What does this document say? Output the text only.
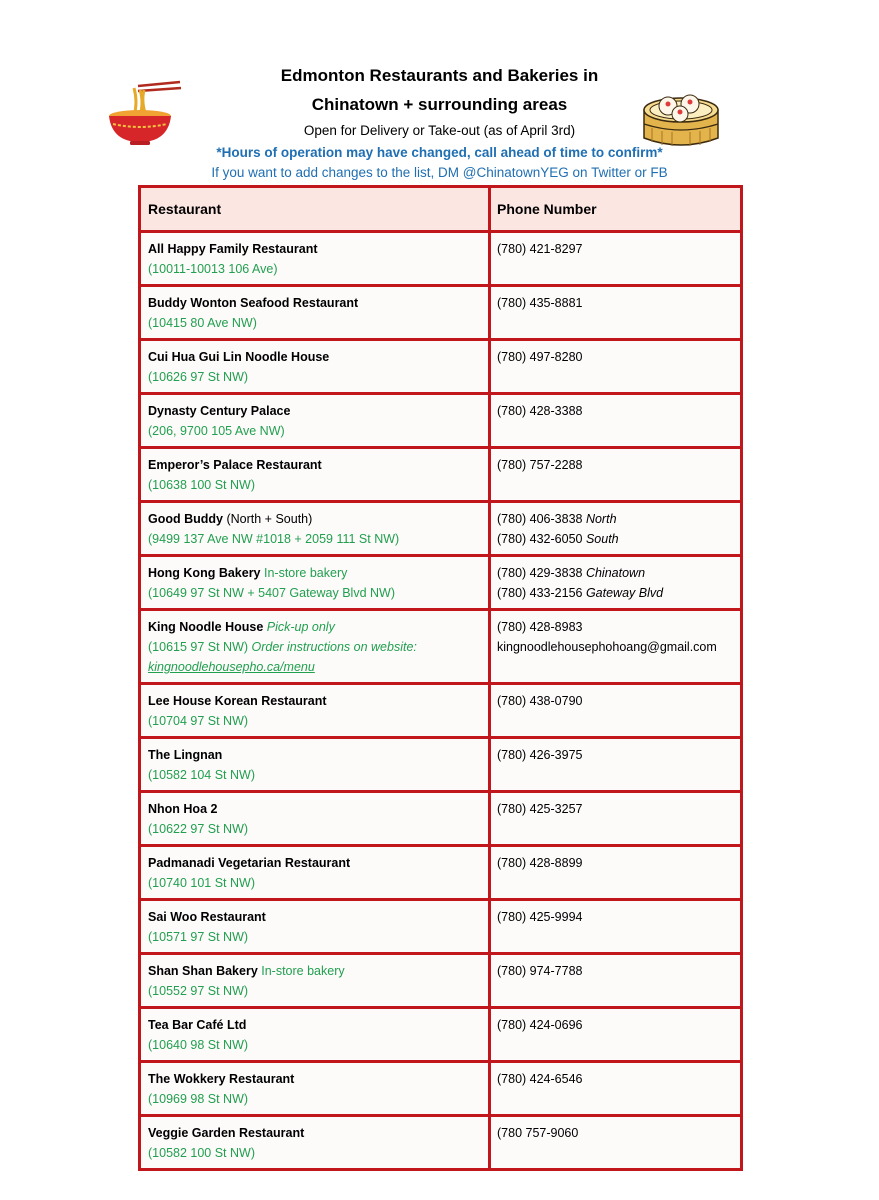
Edmonton Restaurants and Bakeries in
Chinatown + surrounding areas
Open for Delivery or Take-out (as of April 3rd)
*Hours of operation may have changed, call ahead of time to confirm*
If you want to add changes to the list, DM @ChinatownYEG on Twitter or FB
Restaurant	Phone Number
All Happy Family Restaurant
(10011-10013 106 Ave)
(780) 421-8297
Buddy Wonton Seafood Restaurant
(10415 80 Ave NW)
(780) 435-8881
Cui Hua Gui Lin Noodle House
(10626 97 St NW)
(780) 497-8280
Dynasty Century Palace
(206, 9700 105 Ave NW)
(780) 428-3388
Emperor’s Palace Restaurant
(10638 100 St NW)
(780) 757-2288
Good Buddy (North + South)
(9499 137 Ave NW #1018 + 2059 111 St NW)
(780) 406-3838 North
(780) 432-6050 South
Hong Kong Bakery In-store bakery
(10649 97 St NW + 5407 Gateway Blvd NW)
(780) 429-3838 Chinatown
(780) 433-2156 Gateway Blvd
King Noodle House Pick-up only
(10615 97 St NW) Order instructions on website:
kingnoodlehousepho.ca/menu
(780) 428-8983
kingnoodlehousephohoang@gmail.com
Lee House Korean Restaurant
(10704 97 St NW)
(780) 438-0790
The Lingnan
(10582 104 St NW)
(780) 426-3975
Nhon Hoa 2
(10622 97 St NW)
(780) 425-3257
Padmanadi Vegetarian Restaurant
(10740 101 St NW)
(780) 428-8899
Sai Woo Restaurant
(10571 97 St NW)
(780) 425-9994
Shan Shan Bakery In-store bakery
(10552 97 St NW)
(780) 974-7788
Tea Bar Café Ltd
(10640 98 St NW)
(780) 424-0696
The Wokkery Restaurant
(10969 98 St NW)
(780) 424-6546
Veggie Garden Restaurant
(10582 100 St NW)
(780 757-9060
